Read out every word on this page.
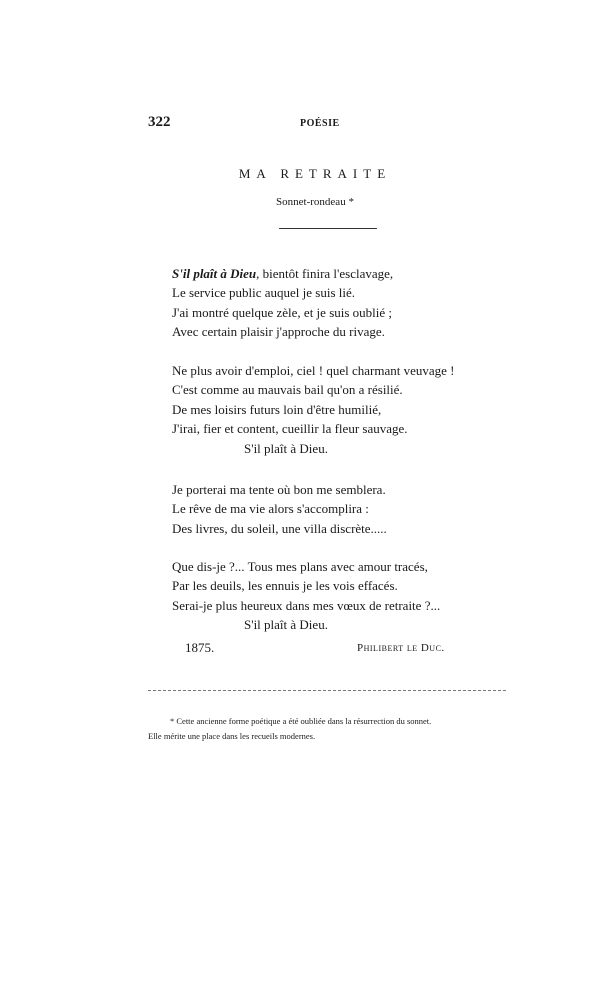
322	POÉSIE
MA RETRAITE
Sonnet-rondeau *
S'il plaît à Dieu, bientôt finira l'esclavage,
Le service public auquel je suis lié.
J'ai montré quelque zèle, et je suis oublié ;
Avec certain plaisir j'approche du rivage.
Ne plus avoir d'emploi, ciel ! quel charmant veuvage !
C'est comme au mauvais bail qu'on a résilié.
De mes loisirs futurs loin d'être humilié,
J'irai, fier et content, cueillir la fleur sauvage.
S'il plaît à Dieu.
Je porterai ma tente où bon me semblera.
Le rêve de ma vie alors s'accomplira :
Des livres, du soleil, une villa discrète.....
Que dis-je ?... Tous mes plans avec amour tracés,
Par les deuils, les ennuis je les vois effacés.
Serai-je plus heureux dans mes vœux de retraite ?...
S'il plaît à Dieu.
1875.	Philibert le Duc.
* Cette ancienne forme poétique a été oubliée dans la résurrection du sonnet.
Elle mérite une place dans les recueils modernes.
